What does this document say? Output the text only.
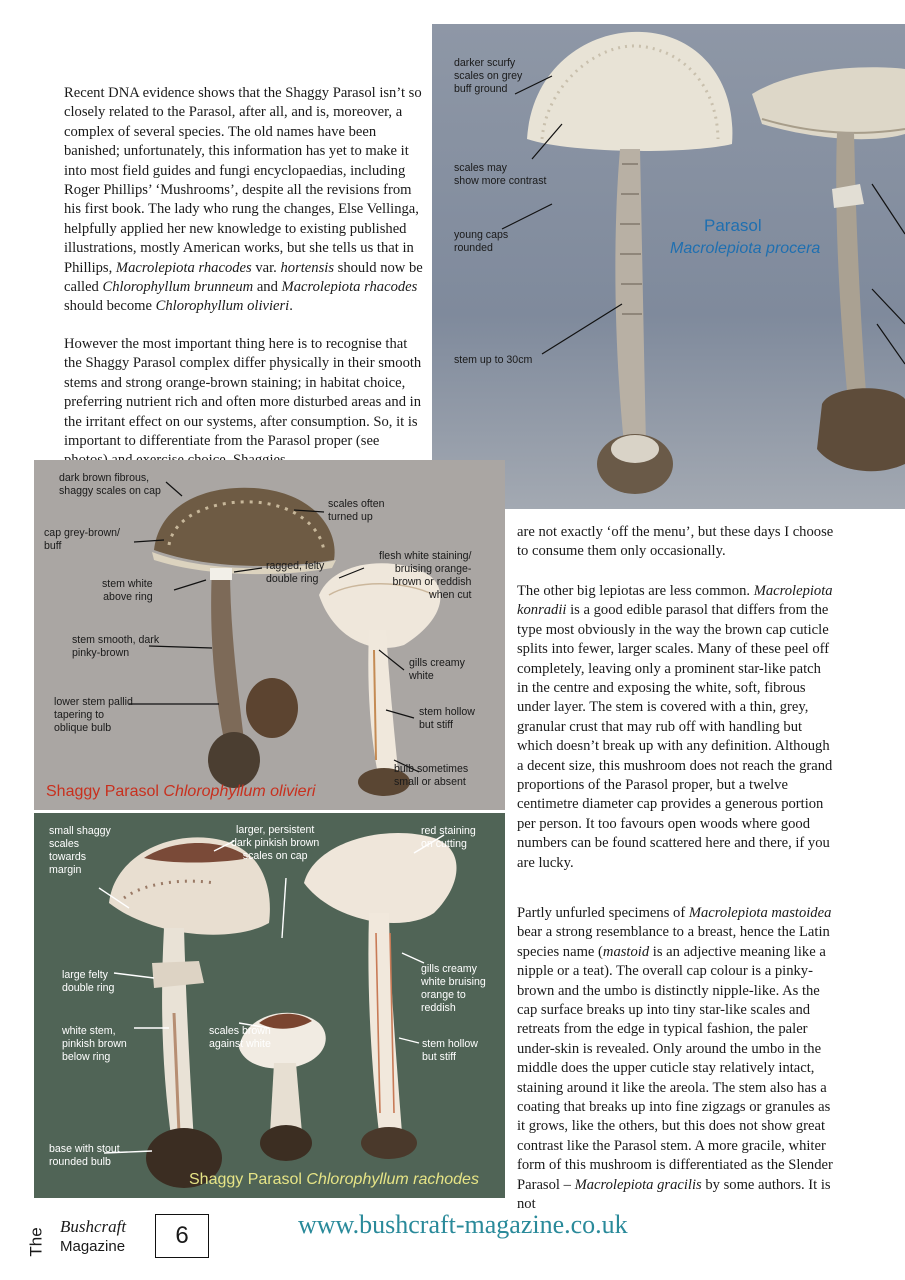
Recent DNA evidence shows that the Shaggy Parasol isn’t so closely related to the Parasol, after all, and is, moreover, a complex of several species. The old names have been banished; unfortunately, this information has yet to make it into most field guides and fungi encyclopaedias, including Roger Phillips’ ‘Mushrooms’, despite all the revisions from his first book. The lady who rung the changes, Else Vellinga, helpfully applied her new knowledge to existing published illustrations, mostly American works, but she tells us that in Phillips, Macrolepiota rhacodes var. hortensis should now be called Chlorophyllum brunneum and Macrolepiota rhacodes should become Chlorophyllum olivieri.

However the most important thing here is to recognise that the Shaggy Parasol complex differ physically in their smooth stems and strong orange-brown staining; in habitat choice, preferring nutrient rich and often more disturbed areas and in the irritant effect on our systems, after consumption. So, it is important to differentiate from the Parasol proper (see

darker scurfy
scales on grey
buff ground
scales may
show more contrast
young caps
rounded
stem up to 30cm
Parasol
Macrolepiota procera
dark brown fibrous,
shaggy scales on cap
scales often
turned up
cap grey-brown/
buff
ragged, felty
double ring
flesh white staining/
bruising orange-
brown or reddish
when cut
stem white
above ring
stem smooth, dark
pinky-brown
gills creamy
white
lower stem pallid
tapering to
oblique bulb
stem hollow
but stiff
bulb sometimes
small or absent
Shaggy Parasol Chlorophyllum olivieri
small shaggy
scales
towards
margin
larger, persistent
dark pinkish brown
scales on cap
red staining
on cutting
large felty
double ring
gills creamy
white bruising
orange to
reddish
white stem,
pinkish brown
below ring
scales brown
against white	stem hollow
but stiff
base with stout
rounded bulb
Shaggy Parasol Chlorophyllum rachodes

are not exactly ‘off the menu’, but these days I choose to consume them only occasionally.

The other big lepiotas are less common. Macrolepiota konradii is a good edible parasol that differs from the type most obviously in the way the brown cap cuticle splits into fewer, larger scales. Many of these peel off completely, leaving only a prominent star-like patch in the centre and exposing the white, soft, fibrous under layer. The stem is covered with a thin, grey, granular crust that may rub off with handling but which doesn’t break up with any definition. Although a decent size, this mushroom does not reach the grand proportions of the Parasol proper, but a twelve centimetre diameter cap provides a generous portion per person. It too favours open woods where good numbers can be found scattered here and there, if you are lucky.

Partly unfurled specimens of Macrolepiota mastoidea bear a strong resemblance to a breast, hence the Latin species name (mastoid is an adjective meaning like a nipple or a teat). The overall cap colour is a pinky-brown and the umbo is distinctly nipple-like. As the cap surface breaks up into tiny star-like scales and retreats from the edge in typical fashion, the paler under-skin is revealed. Only around the umbo in the middle does the upper cuticle stay relatively intact, staining around it like the areola. The stem also has a coating that breaks up into fine zigzags or granules as it grows, like the others, but this does not show great contrast like the Parasol stem. A more gracile, whiter form of this mushroom is differentiated as the Slender Parasol – Macrolepiota gracilis by some authors. It is not

The
Bushcraft
Magazine	6	www.bushcraft-magazine.co.uk
